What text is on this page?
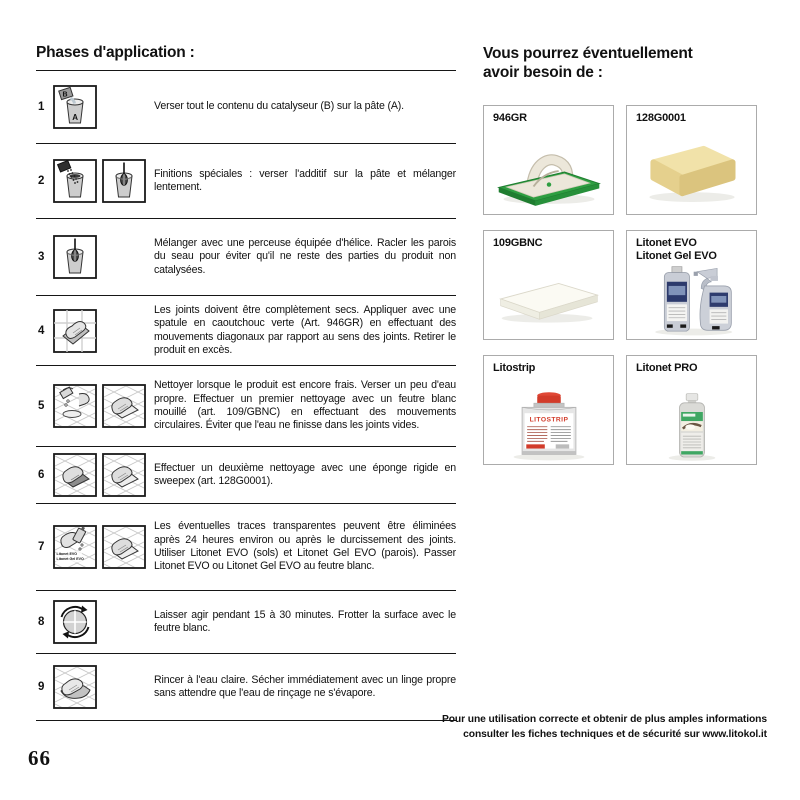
Phases d'application :
1
B
A
Verser tout le contenu du catalyseur (B) sur la pâte (A).
2
Finitions spéciales : verser l'additif sur la pâte et mélanger lentement.
3
Mélanger avec une perceuse équipée d'hélice. Racler les parois du seau pour éviter qu'il ne reste des parties du produit non catalysées.
4
Les joints doivent être complètement secs. Appliquer avec une spatule en caoutchouc verte (Art. 946GR) en effectuant des mouvements diagonaux par rapport au sens des joints. Retirer le produit en excès.
5
Nettoyer lorsque le produit est encore frais. Verser un peu d'eau propre. Effectuer un premier nettoyage avec un feutre blanc mouillé (art. 109/GBNC) en effectuant des mouvements circulaires. Éviter que l'eau ne finisse dans les joints vides.
6
Effectuer un deuxième nettoyage avec une éponge rigide en sweepex (art. 128G0001).
7
Litonet EVO
Litonet Gel EVO
Les éventuelles traces transparentes peuvent être éliminées après 24 heures environ ou après le durcissement des joints. Utiliser Litonet EVO (sols) et Litonet Gel EVO (parois). Passer Litonet EVO ou Litonet Gel EVO au feutre blanc.
8
Laisser agir pendant 15 à 30 minutes. Frotter la surface avec le feutre blanc.
9
Rincer à l'eau claire. Sécher immédiatement avec un linge propre sans attendre que l'eau de rinçage ne s'évapore.
Vous pourrez éventuellement
avoir besoin de :
946GR	128G0001
109GBNC	Litonet EVO
Litonet Gel EVO
Litostrip
LITOSTRIP
Litonet PRO
Pour une utilisation correcte et obtenir de plus amples informations
consulter les fiches techniques et de sécurité sur www.litokol.it
66
